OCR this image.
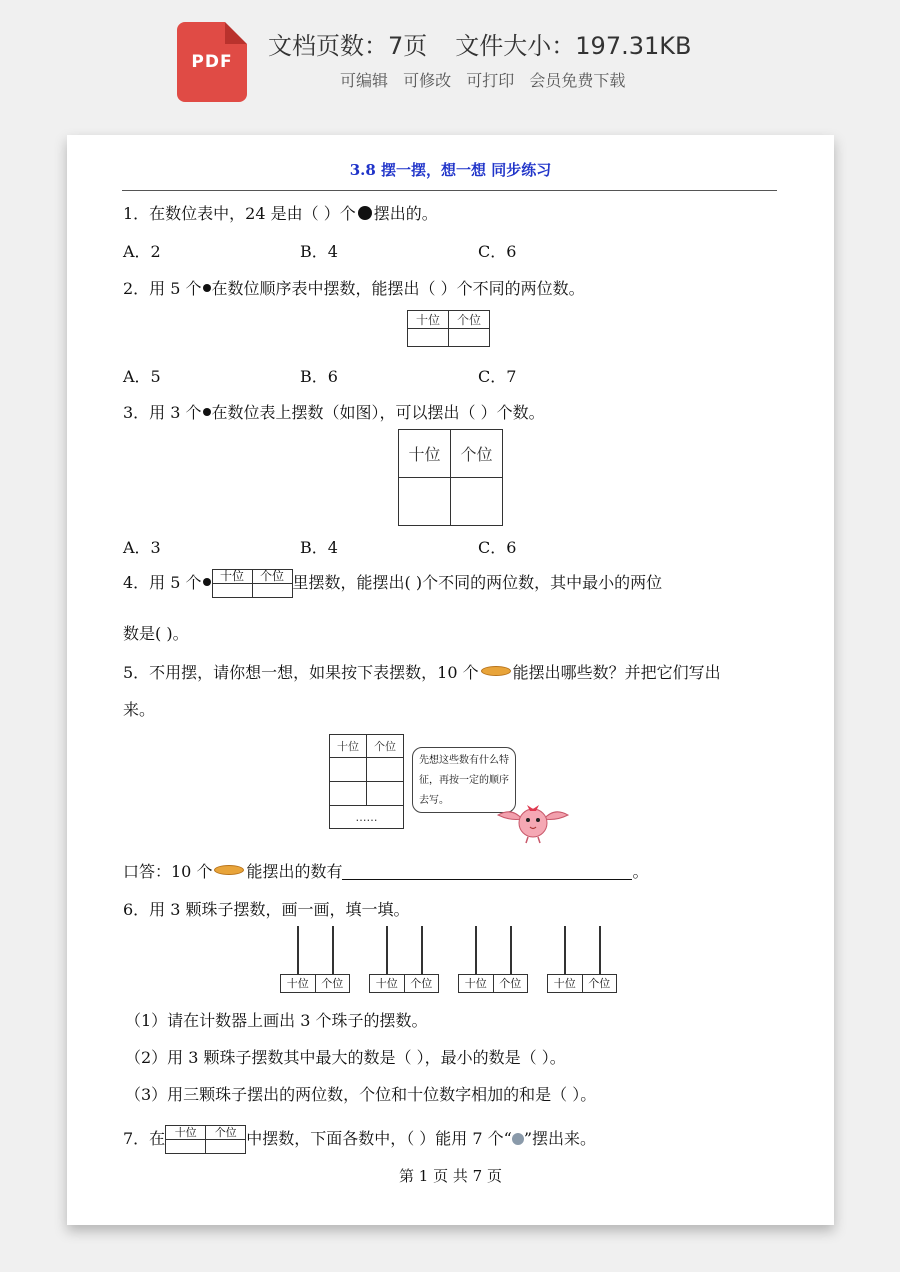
PDF
文档页数：7页 文件大小：197.31KB
可编辑 可修改 可打印 会员免费下载
3.8 摆一摆，想一想 同步练习
1．在数位表中，24 是由（ ）个 摆出的。
A．2	B．4	C．6
2．用 5 个 在数位顺序表中摆数，能摆出（ ）个不同的两位数。
十位	个位

A．5	B．6	C．7
3．用 3 个 在数位表上摆数（如图），可以摆出（ ）个数。
十位	个位

A．3	B．4	C．6
4．用 5 个 十位	个位
	里摆数，能摆出( )个不同的两位数，其中最小的两位
数是( )。
5．不用摆，请你想一想，如果按下表摆数，10 个 能摆出哪些数？并把它们写出
来。
十位	个位

……	
先想这些数有什么特征，再按一定的顺序去写。
口答：10 个 能摆出的数有	。
6．用 3 颗珠子摆数，画一画，填一填。
十位	个位	十位	个位	十位	个位	十位	个位
（1）请在计数器上画出 3 个珠子的摆数。
（2）用 3 颗珠子摆数其中最大的数是（ ），最小的数是（ ）。
（3）用三颗珠子摆出的两位数，个位和十位数字相加的和是（ ）。
7．在 十位	个位
	中摆数，下面各数中，（ ）能用 7 个“ ”摆出来。
第 1 页 共 7 页
